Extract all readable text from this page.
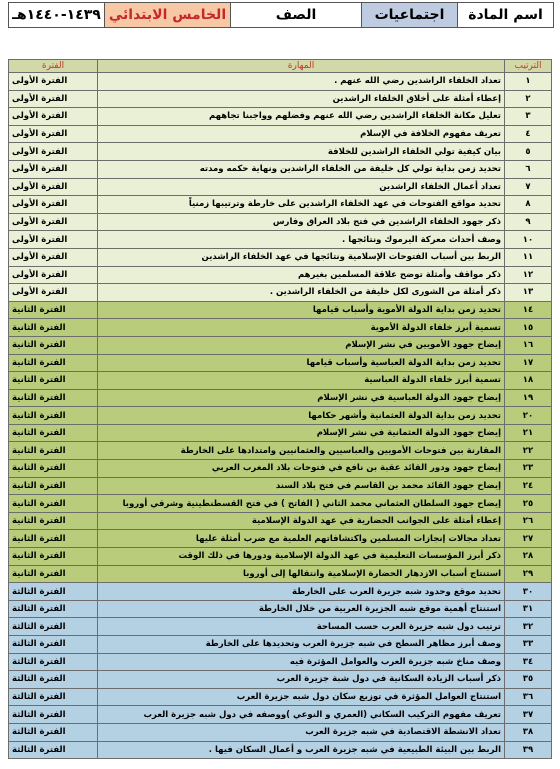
اسم المادة	اجتماعيات	الصف	الخامس الابتدائي	١٤٣٩-١٤٤٠هـ
الترتيب	المهارة	الفترة
١	تعداد الخلفاء الراشدين رضي الله عنهم .	الفترة الأولى
٢	إعطاء أمثلة على أخلاق الخلفاء الراشدين	الفترة الأولى
٣	تعليل مكانة الخلفاء الراشدين رضي الله عنهم وفضلهم وواجبنا تجاههم	الفترة الأولى
٤	تعريف مفهوم الخلافة في الإسلام	الفترة الأولى
٥	بيان كيفية تولي الخلفاء الراشدين للخلافة	الفترة الأولى
٦	تحديد زمن بداية تولي كل خليفة من الخلفاء الراشدين ونهاية حكمه ومدته	الفترة الأولى
٧	تعداد أعمال الخلفاء الراشدين	الفترة الأولى
٨	تحديد مواقع الفتوحات في عهد الخلفاء الراشدين على خارطة وترتيبها زمنياً	الفترة الأولى
٩	ذكر جهود الخلفاء الراشدين في فتح بلاد العراق وفارس	الفترة الأولى
١٠	وصف أحداث معركة اليرموك ونتائجها .	الفترة الأولى
١١	الربط بين أسباب الفتوحات الإسلامية ونتائجها في عهد الخلفاء الراشدين	الفترة الأولى
١٢	ذكر مواقف وأمثلة توضح علاقة المسلمين بغيرهم	الفترة الأولى
١٣	ذكر أمثلة من الشورى لكل خليفة من الخلفاء الراشدين .	الفترة الأولى
١٤	تحديد زمن بداية الدولة الأموية وأسباب قيامها	الفترة الثانية
١٥	تسمية أبرز خلفاء الدولة الأموية	الفترة الثانية
١٦	إيضاح جهود الأمويين في نشر الإسلام	الفترة الثانية
١٧	تحديد زمن بداية الدولة العباسية وأسباب قيامها	الفترة الثانية
١٨	تسمية أبرز خلفاء الدولة العباسية	الفترة الثانية
١٩	إيضاح جهود الدولة العباسية في نشر الإسلام	الفترة الثانية
٢٠	تحديد زمن بداية الدولة العثمانية وأشهر حكامها	الفترة الثانية
٢١	إيضاح جهود الدولة العثمانية في نشر الإسلام	الفترة الثانية
٢٢	المقارنة بين فتوحات الأمويين والعباسيين والعثمانيين وامتدادها على الخارطة	الفترة الثانية
٢٣	إيضاح جهود ودور القائد عقبة بن نافع في فتوحات بلاد المغرب العربي	الفترة الثانية
٢٤	إيضاح جهود القائد محمد بن القاسم في فتح بلاد السند	الفترة الثانية
٢٥	إيضاح جهود السلطان العثماني محمد الثاني ( الفاتح ) في فتح القسطنطينية وشرقي أوروبا	الفترة الثانية
٢٦	إعطاء أمثلة على الجوانب الحضارية في عهد الدولة الإسلامية	الفترة الثانية
٢٧	تعداد مجالات إنجازات المسلمين واكتشافاتهم العلمية مع ضرب أمثلة عليها	الفترة الثانية
٢٨	ذكر أبرز المؤسسات التعليمية في عهد الدولة الإسلامية ودورها في ذلك الوقت	الفترة الثانية
٢٩	استنتاج أسباب الازدهار الحضارة الإسلامية وانتقالها إلى أوروبا	الفترة الثانية
٣٠	تحديد موقع وحدود شبه جزيرة العرب على الخارطة	الفترة الثالثة
٣١	استنتاج أهمية موقع شبه الجزيرة العربية من خلال الخارطة	الفترة الثالثة
٣٢	ترتيب دول شبه جزيرة العرب حسب المساحة	الفترة الثالثة
٣٣	وصف أبرز مظاهر السطح في شبه جزيرة العرب وتحديدها على الخارطة	الفترة الثالثة
٣٤	وصف مناخ شبه جزيرة العرب والعوامل المؤثرة فيه	الفترة الثالثة
٣٥	ذكر أسباب الزيادة السكانية في دول شبة جزيرة العرب	الفترة الثالثة
٣٦	استنتاج العوامل المؤثرة في توزيع سكان دول شبه جزيرة العرب	الفترة الثالثة
٣٧	تعريف مفهوم التركيب السكاني (العمري و النوعي )ووصفه في دول شبه جزيرة العرب	الفترة الثالثة
٣٨	تعداد الانشطة الاقتصادية في شبه جزيرة العرب	الفترة الثالثة
٣٩	الربط بين البيئة الطبيعية في شبه جزيرة العرب و أعمال السكان فيها .	الفترة الثالثة
